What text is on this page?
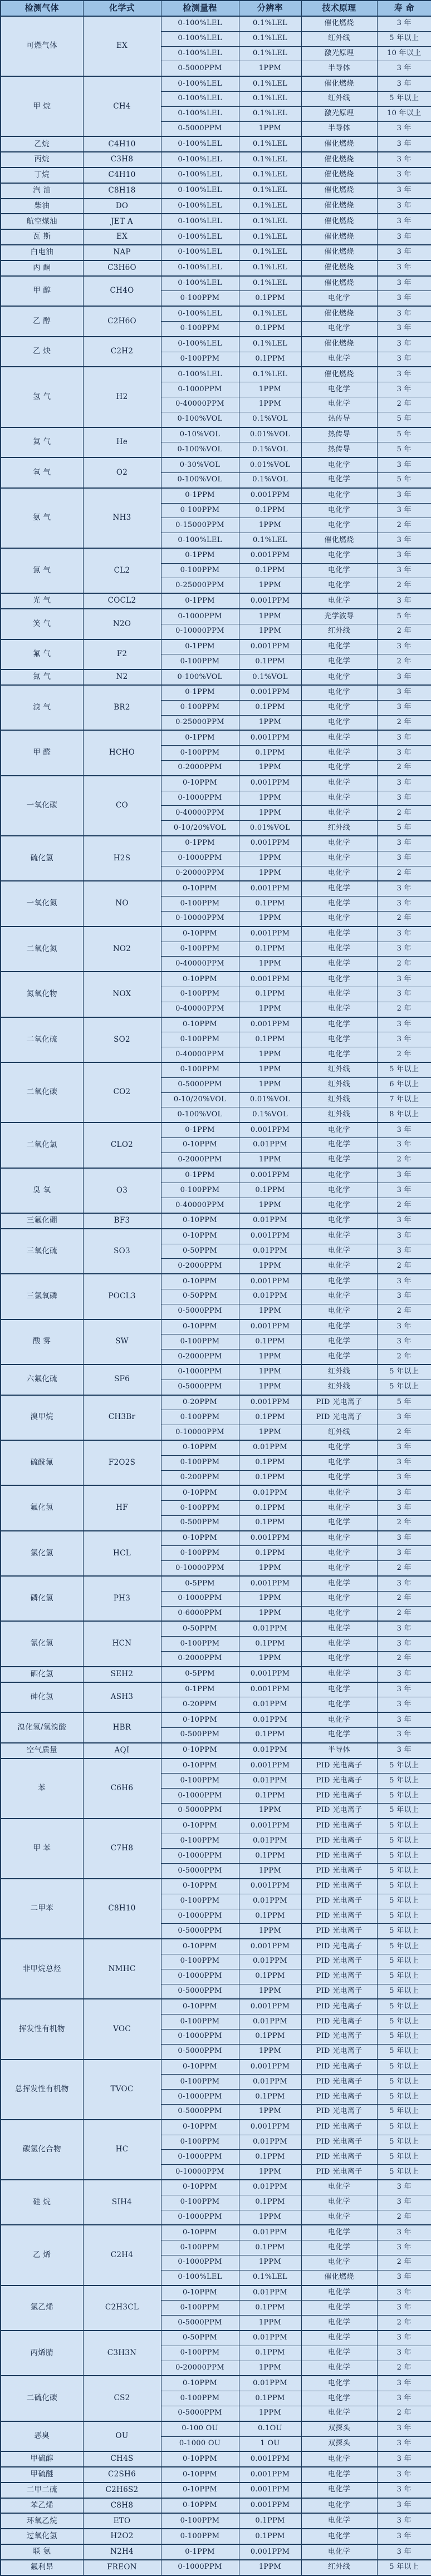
检测气体	化学式	检测量程	分辨率	技术原理	寿 命
可燃气体	EX	0-100%LEL	0.1%LEL	催化燃烧	3 年
		0-100%LEL	0.1%LEL	红外线	5 年以上
		0-100%LEL	0.1%LEL	激光原理	10 年以上
		0-5000PPM	1PPM	半导体	3 年
甲 烷	CH4	0-100%LEL	0.1%LEL	催化燃烧	3 年
		0-100%LEL	0.1%LEL	红外线	5 年以上
		0-100%LEL	0.1%LEL	激光原理	10 年以上
		0-5000PPM	1PPM	半导体	3 年
乙烷	C4H10	0-100%LEL	0.1%LEL	催化燃烧	3 年
丙烷	C3H8	0-100%LEL	0.1%LEL	催化燃烧	3 年
丁烷	C4H10	0-100%LEL	0.1%LEL	催化燃烧	3 年
汽 油	C8H18	0-100%LEL	0.1%LEL	催化燃烧	3 年
柴油	DO	0-100%LEL	0.1%LEL	催化燃烧	3 年
航空煤油	JET A	0-100%LEL	0.1%LEL	催化燃烧	3 年
瓦 斯	EX	0-100%LEL	0.1%LEL	催化燃烧	3 年
白电油	NAP	0-100%LEL	0.1%LEL	催化燃烧	3 年
丙 酮	C3H6O	0-100%LEL	0.1%LEL	催化燃烧	3 年
甲 醇	CH4O	0-100%LEL	0.1%LEL	催化燃烧	3 年
		0-100PPM	0.1PPM	电化学	3 年
乙 醇	C2H6O	0-100%LEL	0.1%LEL	催化燃烧	3 年
		0-100PPM	0.1PPM	电化学	3 年
乙 炔	C2H2	0-100%LEL	0.1%LEL	催化燃烧	3 年
		0-100PPM	0.1PPM	电化学	3 年
氢 气	H2	0-100%LEL	0.1%LEL	催化燃烧	3 年
		0-1000PPM	1PPM	电化学	3 年
		0-40000PPM	1PPM	电化学	2 年
		0-100%VOL	0.1%VOL	热传导	5 年
氦 气	He	0-10%VOL	0.01%VOL	热传导	5 年
		0-100%VOL	0.1%VOL	热传导	5 年
氧 气	O2	0-30%VOL	0.01%VOL	电化学	3 年
		0-100%VOL	0.1%VOL	电化学	5 年
氨 气	NH3	0-1PPM	0.001PPM	电化学	3 年
		0-100PPM	0.1PPM	电化学	3 年
		0-15000PPM	1PPM	电化学	2 年
		0-100%LEL	0.1%LEL	催化燃烧	3 年
氯 气	CL2	0-1PPM	0.001PPM	电化学	3 年
		0-100PPM	0.1PPM	电化学	3 年
		0-25000PPM	1PPM	电化学	2 年
光 气	COCL2	0-1PPM	0.001PPM	电化学	3 年
笑 气	N2O	0-1000PPM	1PPM	光学波导	5 年
		0-10000PPM	1PPM	红外线	2 年
氟 气	F2	0-1PPM	0.001PPM	电化学	3 年
		0-100PPM	0.1PPM	电化学	2 年
氮 气	N2	0-100%VOL	0.1%VOL	电化学	3 年
溴 气	BR2	0-1PPM	0.001PPM	电化学	3 年
		0-100PPM	0.1PPM	电化学	3 年
		0-25000PPM	1PPM	电化学	2 年
甲 醛	HCHO	0-1PPM	0.001PPM	电化学	3 年
		0-100PPM	0.1PPM	电化学	3 年
		0-2000PPM	1PPM	电化学	2 年
一氧化碳	CO	0-10PPM	0.001PPM	电化学	3 年
		0-1000PPM	1PPM	电化学	3 年
		0-40000PPM	1PPM	电化学	2 年
		0-10/20%VOL	0.01%VOL	红外线	5 年
硫化氢	H2S	0-1PPM	0.001PPM	电化学	3 年
		0-1000PPM	1PPM	电化学	3 年
		0-20000PPM	1PPM	电化学	2 年
一氧化氮	NO	0-10PPM	0.001PPM	电化学	3 年
		0-100PPM	0.1PPM	电化学	3 年
		0-10000PPM	1PPM	电化学	2 年
二氧化氮	NO2	0-10PPM	0.001PPM	电化学	3 年
		0-100PPM	0.1PPM	电化学	3 年
		0-40000PPM	1PPM	电化学	2 年
氮氧化物	NOX	0-10PPM	0.001PPM	电化学	3 年
		0-100PPM	0.1PPM	电化学	3 年
		0-40000PPM	1PPM	电化学	2 年
二氧化硫	SO2	0-10PPM	0.001PPM	电化学	3 年
		0-100PPM	0.1PPM	电化学	3 年
		0-40000PPM	1PPM	电化学	2 年
二氧化碳	CO2	0-100PPM	1PPM	红外线	5 年以上
		0-5000PPM	1PPM	红外线	6 年以上
		0-10/20%VOL	0.01%VOL	红外线	7 年以上
		0-100%VOL	0.1%VOL	红外线	8 年以上
二氧化氯	CLO2	0-1PPM	0.001PPM	电化学	3 年
		0-10PPM	0.01PPM	电化学	3 年
		0-2000PPM	1PPM	电化学	2 年
臭 氧	O3	0-1PPM	0.001PPM	电化学	3 年
		0-100PPM	0.1PPM	电化学	3 年
		0-40000PPM	1PPM	电化学	2 年
三氟化硼	BF3	0-10PPM	0.01PPM	电化学	3 年
三氧化硫	SO3	0-10PPM	0.001PPM	电化学	3 年
		0-50PPM	0.01PPM	电化学	3 年
		0-2000PPM	1PPM	电化学	2 年
三氯氧磷	POCL3	0-10PPM	0.001PPM	电化学	3 年
		0-50PPM	0.01PPM	电化学	3 年
		0-5000PPM	1PPM	电化学	2 年
酸 雾	SW	0-10PPM	0.001PPM	电化学	3 年
		0-100PPM	0.1PPM	电化学	3 年
		0-2000PPM	1PPM	电化学	2 年
六氟化硫	SF6	0-1000PPM	1PPM	红外线	5 年以上
		0-5000PPM	1PPM	红外线	5 年以上
溴甲烷	CH3Br	0-20PPM	0.001PPM	PID 光电离子	5 年
		0-100PPM	0.1PPM	PID 光电离子	3 年
		0-10000PPM	1PPM	红外线	2 年
硫酰氟	F2O2S	0-10PPM	0.01PPM	电化学	3 年
		0-100PPM	0.1PPM	电化学	3 年
		0-200PPM	0.1PPM	电化学	3 年
氟化氢	HF	0-10PPM	0.01PPM	电化学	3 年
		0-100PPM	0.1PPM	电化学	3 年
		0-500PPM	0.1PPM	电化学	2 年
氯化氢	HCL	0-10PPM	0.001PPM	电化学	3 年
		0-100PPM	0.1PPM	电化学	3 年
		0-10000PPM	1PPM	电化学	2 年
磷化氢	PH3	0-5PPM	0.001PPM	电化学	3 年
		0-1000PPM	1PPM	电化学	2 年
		0-6000PPM	1PPM	电化学	2 年
氰化氢	HCN	0-50PPM	0.01PPM	电化学	3 年
		0-100PPM	0.1PPM	电化学	3 年
		0-2000PPM	1PPM	电化学	2 年
硒化氢	SEH2	0-5PPM	0.001PPM	电化学	3 年
砷化氢	ASH3	0-1PPM	0.001PPM	电化学	3 年
		0-20PPM	0.01PPM	电化学	3 年
溴化氢/氢溴酸	HBR	0-10PPM	0.01PPM	电化学	3 年
		0-500PPM	0.1PPM	电化学	3 年
空气质量	AQI	0-10PPM	0.01PPM	半导体	3 年
苯	C6H6	0-10PPM	0.001PPM	PID 光电离子	5 年以上
		0-100PPM	0.01PPM	PID 光电离子	5 年以上
		0-1000PPM	0.1PPM	PID 光电离子	5 年以上
		0-5000PPM	1PPM	PID 光电离子	5 年以上
甲 苯	C7H8	0-10PPM	0.001PPM	PID 光电离子	5 年以上
		0-100PPM	0.01PPM	PID 光电离子	5 年以上
		0-1000PPM	0.1PPM	PID 光电离子	5 年以上
		0-5000PPM	1PPM	PID 光电离子	5 年以上
二甲苯	C8H10	0-10PPM	0.001PPM	PID 光电离子	5 年以上
		0-100PPM	0.01PPM	PID 光电离子	5 年以上
		0-1000PPM	0.1PPM	PID 光电离子	5 年以上
		0-5000PPM	1PPM	PID 光电离子	5 年以上
非甲烷总烃	NMHC	0-10PPM	0.001PPM	PID 光电离子	5 年以上
		0-100PPM	0.01PPM	PID 光电离子	5 年以上
		0-1000PPM	0.1PPM	PID 光电离子	5 年以上
		0-5000PPM	1PPM	PID 光电离子	5 年以上
挥发性有机物	VOC	0-10PPM	0.001PPM	PID 光电离子	5 年以上
		0-100PPM	0.01PPM	PID 光电离子	5 年以上
		0-1000PPM	0.1PPM	PID 光电离子	5 年以上
		0-5000PPM	1PPM	PID 光电离子	5 年以上
总挥发性有机物	TVOC	0-10PPM	0.001PPM	PID 光电离子	5 年以上
		0-100PPM	0.01PPM	PID 光电离子	5 年以上
		0-1000PPM	0.1PPM	PID 光电离子	5 年以上
		0-5000PPM	1PPM	PID 光电离子	5 年以上
碳氢化合物	HC	0-10PPM	0.001PPM	PID 光电离子	5 年以上
		0-100PPM	0.01PPM	PID 光电离子	5 年以上
		0-1000PPM	0.1PPM	PID 光电离子	5 年以上
		0-10000PPM	1PPM	PID 光电离子	5 年以上
硅 烷	SIH4	0-10PPM	0.01PPM	电化学	3 年
		0-100PPM	0.1PPM	电化学	3 年
		0-1000PPM	1PPM	电化学	2 年
乙 烯	C2H4	0-10PPM	0.01PPM	电化学	3 年
		0-100PPM	0.1PPM	电化学	3 年
		0-1000PPM	1PPM	电化学	2 年
		0-100%LEL	0.1%LEL	催化燃烧	3 年
氯乙烯	C2H3CL	0-10PPM	0.01PPM	电化学	3 年
		0-100PPM	0.1PPM	电化学	3 年
		0-5000PPM	1PPM	电化学	2 年
丙烯腈	C3H3N	0-50PPM	0.01PPM	电化学	3 年
		0-100PPM	0.1PPM	电化学	3 年
		0-20000PPM	1PPM	电化学	2 年
二硫化碳	CS2	0-10PPM	0.01PPM	电化学	3 年
		0-100PPM	0.1PPM	电化学	3 年
		0-5000PPM	1PPM	电化学	2 年
恶臭	OU	0-100 OU	0.1OU	双探头	3 年
		0-1000 OU	1 OU	双探头	3 年
甲硫醇	CH4S	0-10PPM	0.001PPM	电化学	3 年
甲硫醚	C2SH6	0-10PPM	0.001PPM	电化学	3 年
二甲二硫	C2H6S2	0-10PPM	0.001PPM	电化学	3 年
苯乙烯	C8H8	0-10PPM	0.001PPM	电化学	3 年
环氧乙烷	ETO	0-100PPM	0.1PPM	电化学	3 年
过氧化氢	H2O2	0-100PPM	0.1PPM	电化学	3 年
联 氨	N2H4	0-1PPM	0.001PPM	电化学	3 年
氟利昂	FREON	0-1000PPM	1PPM	红外线	5 年以上
